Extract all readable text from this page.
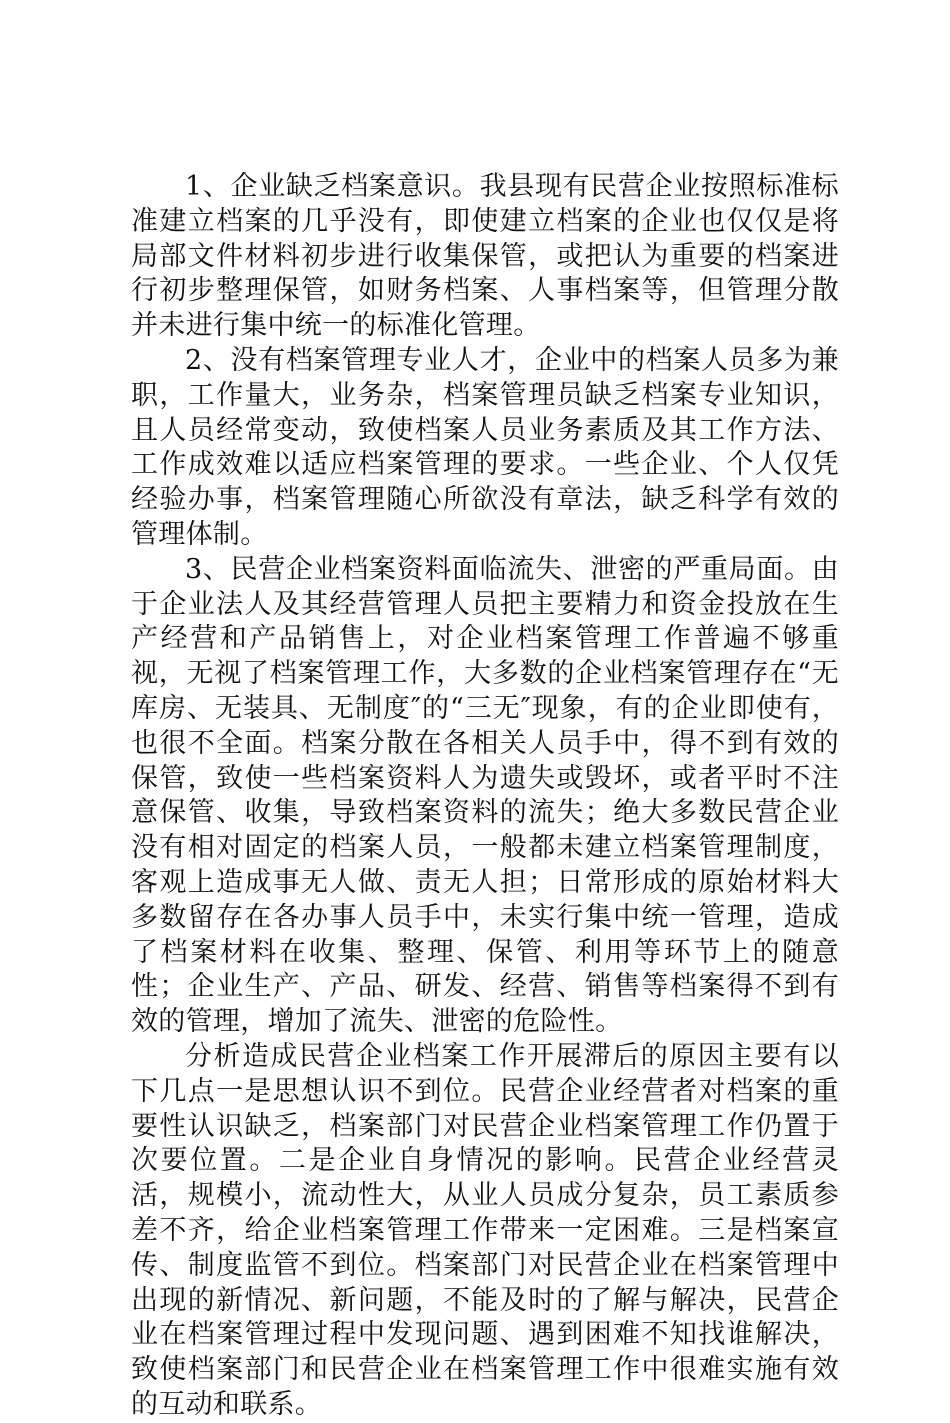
1、企业缺乏档案意识。我县现有民营企业按照标准标准建立档案的几乎没有，即使建立档案的企业也仅仅是将局部文件材料初步进行收集保管，或把认为重要的档案进行初步整理保管，如财务档案、人事档案等，但管理分散并未进行集中统一的标准化管理。

2、没有档案管理专业人才，企业中的档案人员多为兼职，工作量大，业务杂，档案管理员缺乏档案专业知识，且人员经常变动，致使档案人员业务素质及其工作方法、工作成效难以适应档案管理的要求。一些企业、个人仅凭经验办事，档案管理随心所欲没有章法，缺乏科学有效的管理体制。

3、民营企业档案资料面临流失、泄密的严重局面。由于企业法人及其经营管理人员把主要精力和资金投放在生产经营和产品销售上，对企业档案管理工作普遍不够重视，无视了档案管理工作，大多数的企业档案管理存在“无库房、无装具、无制度″的“三无″现象，有的企业即使有，也很不全面。档案分散在各相关人员手中，得不到有效的保管，致使一些档案资料人为遗失或毁坏，或者平时不注意保管、收集，导致档案资料的流失；绝大多数民营企业没有相对固定的档案人员，一般都未建立档案管理制度，客观上造成事无人做、责无人担；日常形成的原始材料大多数留存在各办事人员手中，未实行集中统一管理，造成了档案材料在收集、整理、保管、利用等环节上的随意性；企业生产、产品、研发、经营、销售等档案得不到有效的管理，增加了流失、泄密的危险性。

分析造成民营企业档案工作开展滞后的原因主要有以下几点一是思想认识不到位。民营企业经营者对档案的重要性认识缺乏，档案部门对民营企业档案管理工作仍置于次要位置。二是企业自身情况的影响。民营企业经营灵活，规模小，流动性大，从业人员成分复杂，员工素质参差不齐，给企业档案管理工作带来一定困难。三是档案宣传、制度监管不到位。档案部门对民营企业在档案管理中出现的新情况、新问题，不能及时的了解与解决，民营企业在档案管理过程中发现问题、遇到困难不知找谁解决，致使档案部门和民营企业在档案管理工作中很难实施有效的互动和联系。
